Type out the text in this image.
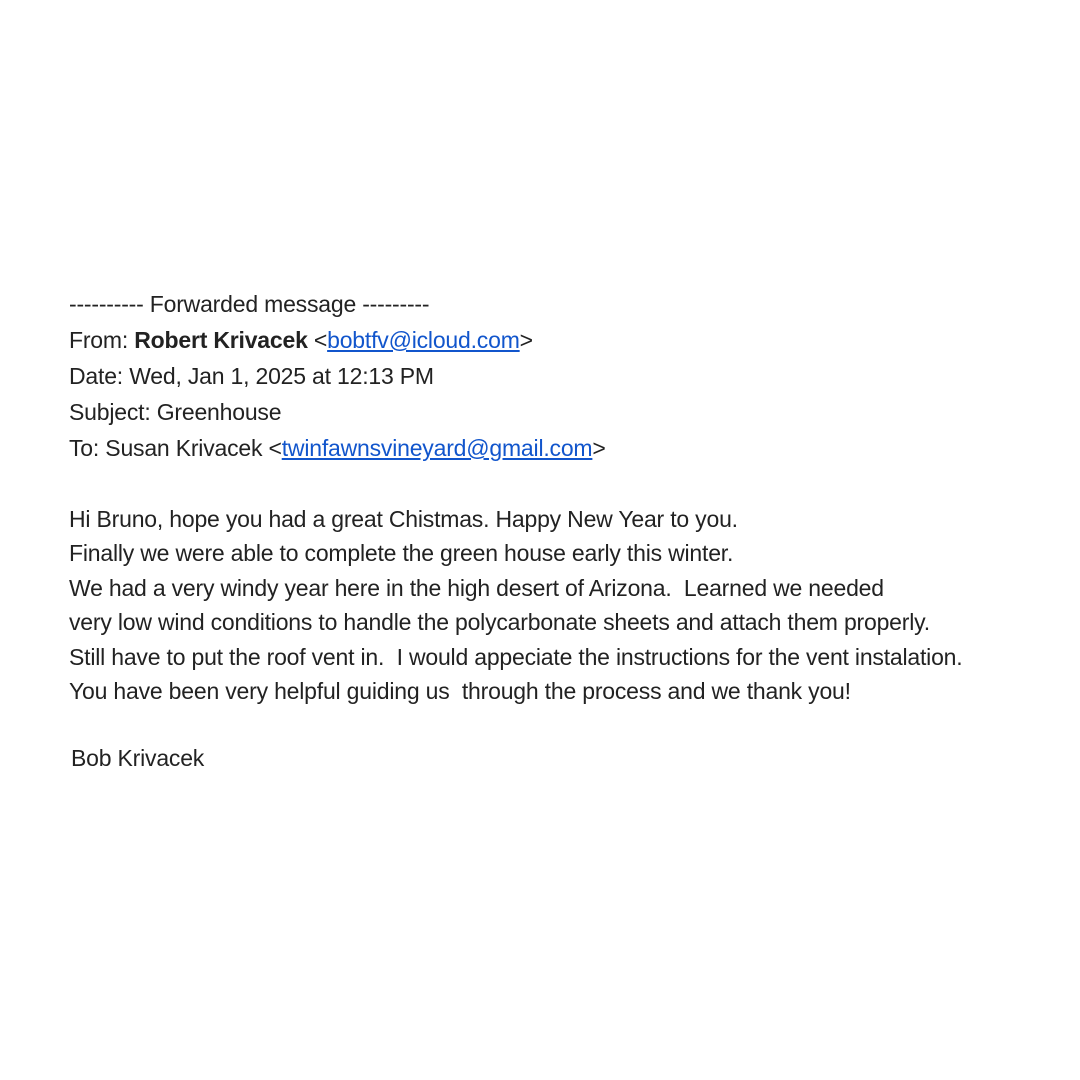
---------- Forwarded message ---------
From: Robert Krivacek <bobtfv@icloud.com>
Date: Wed, Jan 1, 2025 at 12:13 PM
Subject: Greenhouse
To: Susan Krivacek <twinfawnsvineyard@gmail.com>
Hi Bruno, hope you had a great Chistmas. Happy New Year to you.
Finally we were able to complete the green house early this winter.
We had a very windy year here in the high desert of Arizona.  Learned we needed
very low wind conditions to handle the polycarbonate sheets and attach them properly.
Still have to put the roof vent in.  I would appeciate the instructions for the vent instalation.
You have been very helpful guiding us  through the process and we thank you!
Bob Krivacek
